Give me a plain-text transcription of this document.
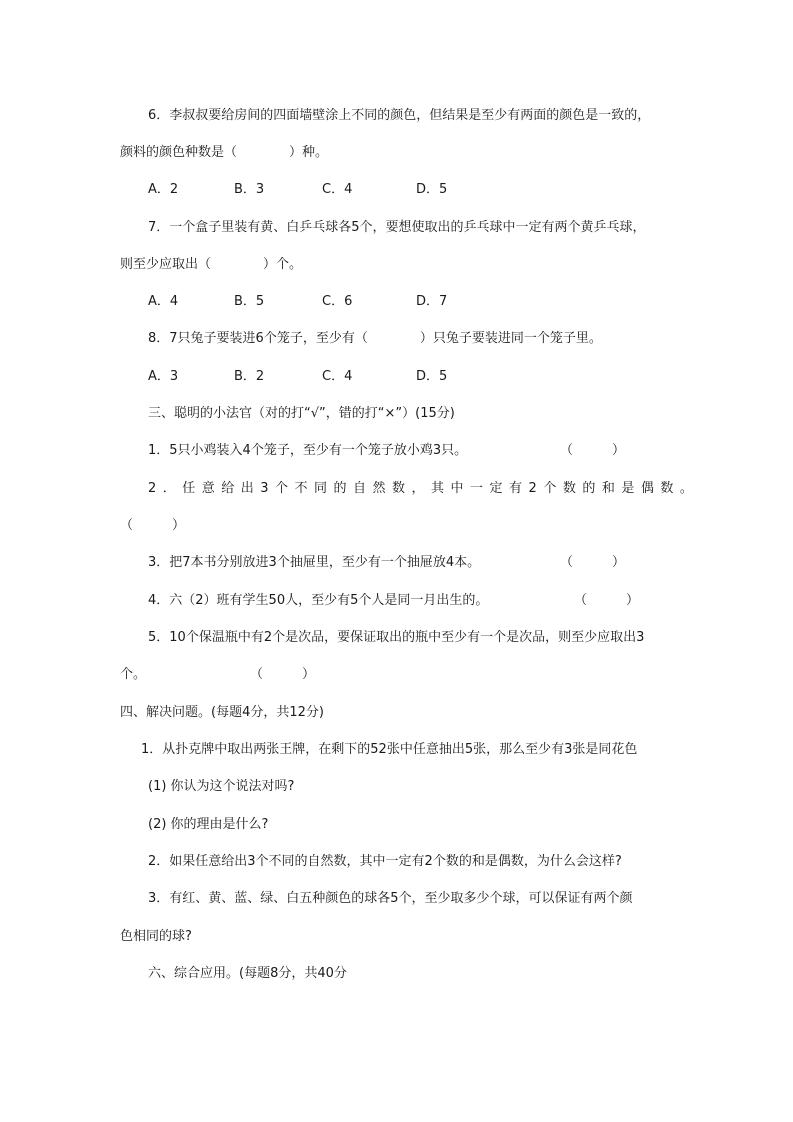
6．李叔叔要给房间的四面墙壁涂上不同的颜色，但结果是至少有两面的颜色是一致的，
颜料的颜色种数是（　　　　）种。
A．2	B．3	C．4	D．5
7．一个盒子里装有黄、白乒乓球各5个，要想使取出的乒乓球中一定有两个黄乒乓球，
则至少应取出（　　　　）个。
A．4	B．5	C．6	D．7
8．7只兔子要装进6个笼子，至少有（　　　　）只兔子要装进同一个笼子里。
A．3	B．2	C．4	D．5
三、聪明的小法官（对的打“√”，错的打“×”）(15分)
1．5只小鸡装入4个笼子，至少有一个笼子放小鸡3只。	（　　　）
2．任意给出3个不同的自然数，其中一定有2个数的和是偶数。
（　　　）
3．把7本书分别放进3个抽屉里，至少有一个抽屉放4本。	（　　　）
4．六（2）班有学生50人，至少有5个人是同一月出生的。	（　　　）
5．10个保温瓶中有2个是次品，要保证取出的瓶中至少有一个是次品，则至少应取出3
个。	（　　　）
四、解决问题。(每题4分，共12分)
1．从扑克牌中取出两张王牌，在剩下的52张中任意抽出5张，那么至少有3张是同花色
(1) 你认为这个说法对吗?
(2) 你的理由是什么?
2．如果任意给出3个不同的自然数，其中一定有2个数的和是偶数，为什么会这样?
3．有红、黄、蓝、绿、白五种颜色的球各5个，至少取多少个球，可以保证有两个颜
色相同的球?
六、综合应用。(每题8分，共40分
